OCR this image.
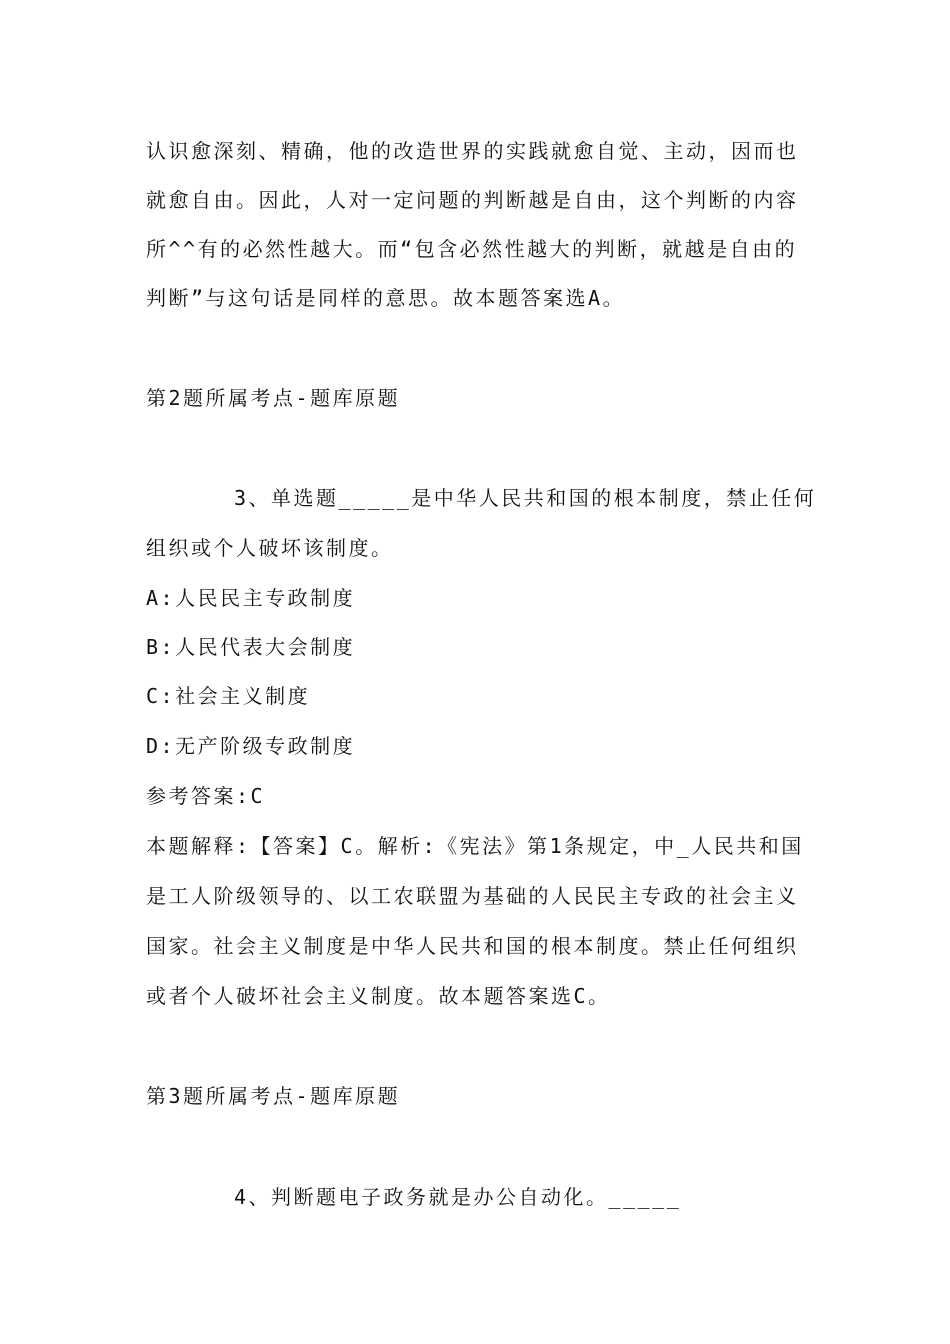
认识愈深刻、精确，他的改造世界的实践就愈自觉、主动，因而也
就愈自由。因此，人对一定问题的判断越是自由，这个判断的内容
所^^有的必然性越大。而“包含必然性越大的判断，就越是自由的
判断”与这句话是同样的意思。故本题答案选A。
第2题所属考点-题库原题
3、单选题_____是中华人民共和国的根本制度，禁止任何
组织或个人破坏该制度。
A:人民民主专政制度
B:人民代表大会制度
C:社会主义制度
D:无产阶级专政制度
参考答案:C
本题解释:【答案】C。解析:《宪法》第1条规定，中_人民共和国
是工人阶级领导的、以工农联盟为基础的人民民主专政的社会主义
国家。社会主义制度是中华人民共和国的根本制度。禁止任何组织
或者个人破坏社会主义制度。故本题答案选C。
第3题所属考点-题库原题
4、判断题电子政务就是办公自动化。_____
